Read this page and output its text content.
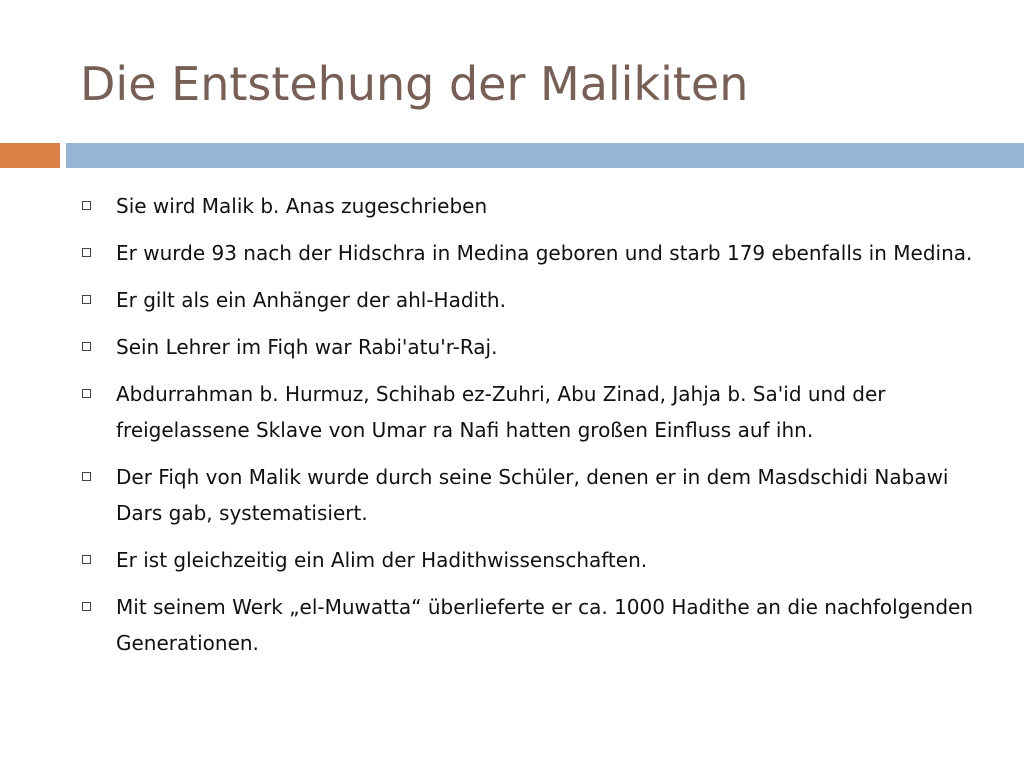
Die Entstehung der Malikiten
Sie wird Malik b. Anas zugeschrieben
Er wurde 93 nach der Hidschra in Medina geboren und starb 179 ebenfalls in Medina.
Er gilt als ein Anhänger der ahl-Hadith.
Sein Lehrer im Fiqh war Rabi'atu'r-Raj.
Abdurrahman b. Hurmuz, Schihab ez-Zuhri, Abu Zinad, Jahja b. Sa'id und der freigelassene Sklave von Umar ra Nafi hatten großen Einfluss auf ihn.
Der Fiqh von Malik wurde durch seine Schüler, denen er in dem Masdschidi Nabawi Dars gab, systematisiert.
Er ist gleichzeitig ein Alim der Hadithwissenschaften.
Mit seinem Werk „el-Muwatta“ überlieferte er ca. 1000 Hadithe an die nachfolgenden Generationen.
